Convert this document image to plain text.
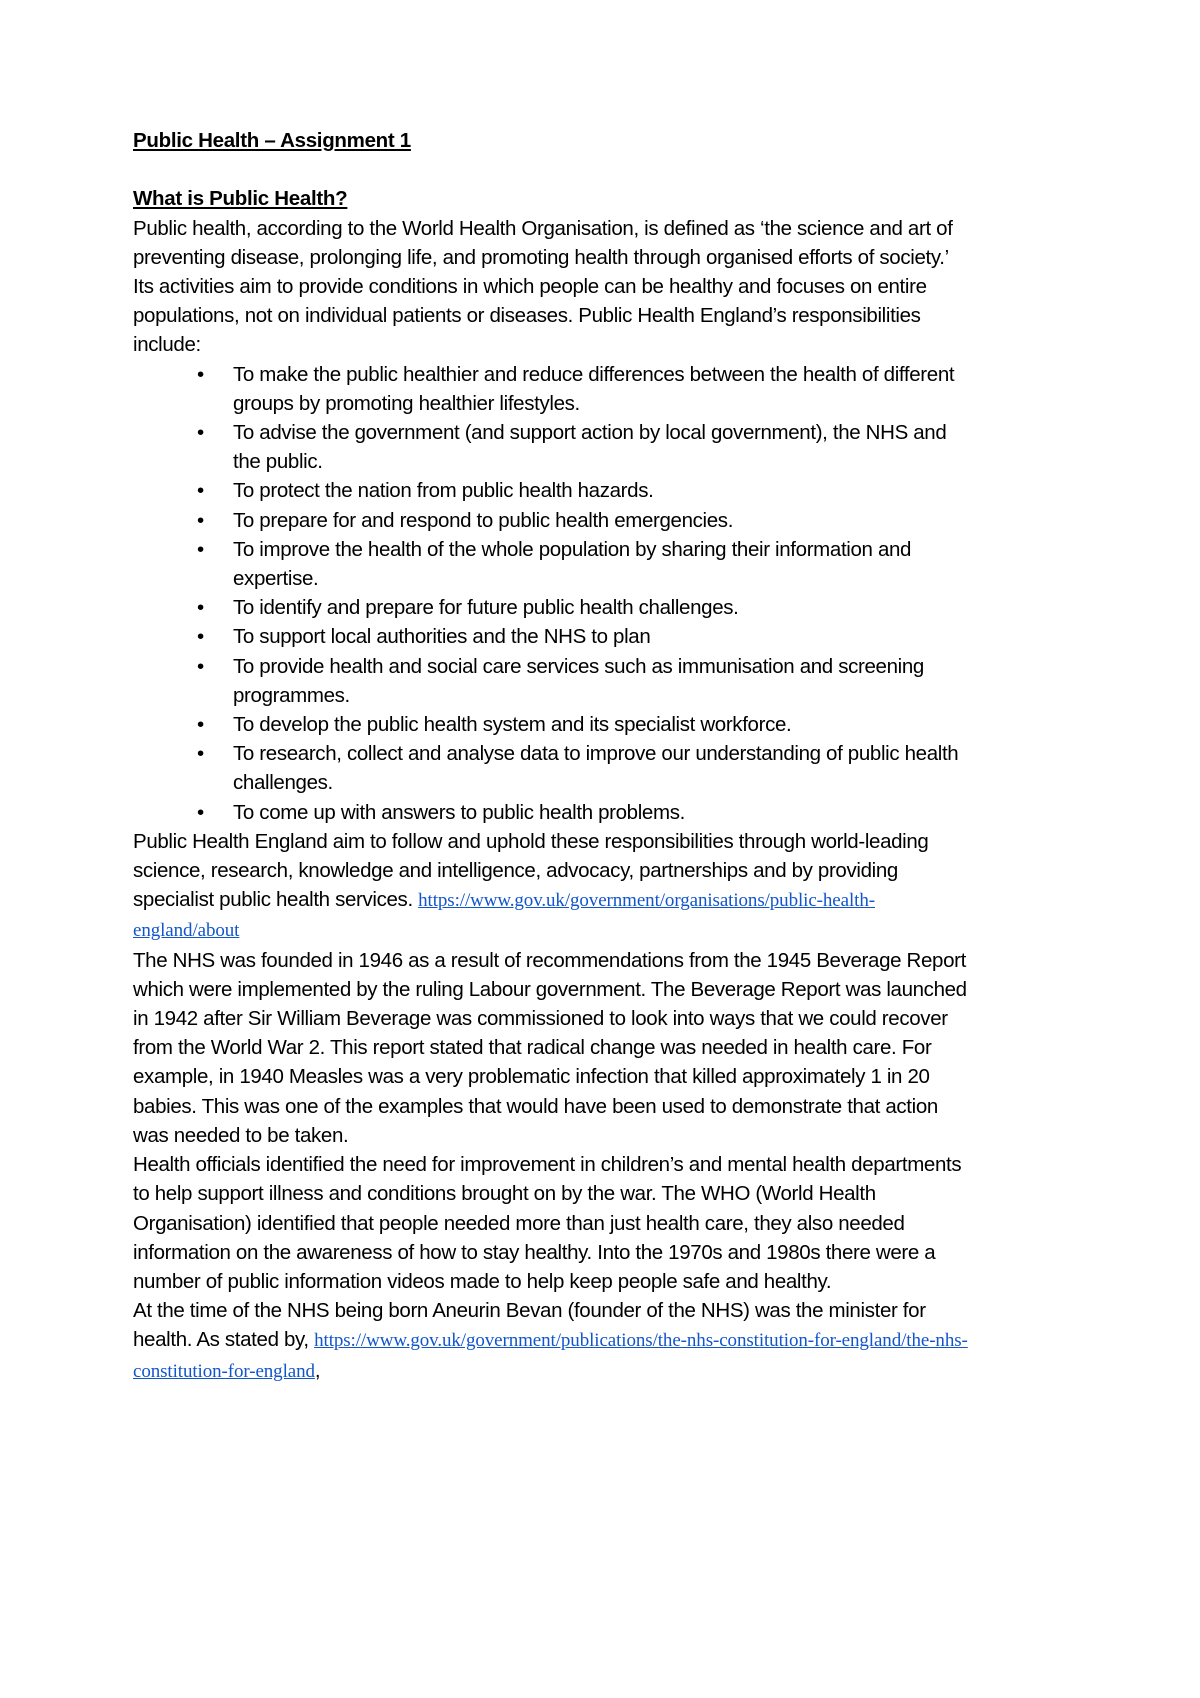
Public Health – Assignment 1
What is Public Health?

Public health, according to the World Health Organisation, is defined as ‘the science and art of preventing disease, prolonging life, and promoting health through organised efforts of society.’ Its activities aim to provide conditions in which people can be healthy and focuses on entire populations, not on individual patients or diseases. Public Health England’s responsibilities include:

• To make the public healthier and reduce differences between the health of different groups by promoting healthier lifestyles.
• To advise the government (and support action by local government), the NHS and the public.
• To protect the nation from public health hazards.
• To prepare for and respond to public health emergencies.
• To improve the health of the whole population by sharing their information and expertise.
• To identify and prepare for future public health challenges.
• To support local authorities and the NHS to plan
• To provide health and social care services such as immunisation and screening programmes.
• To develop the public health system and its specialist workforce.
• To research, collect and analyse data to improve our understanding of public health challenges.
• To come up with answers to public health problems.

Public Health England aim to follow and uphold these responsibilities through world-leading science, research, knowledge and intelligence, advocacy, partnerships and by providing specialist public health services. https://www.gov.uk/government/organisations/public-health-england/about

The NHS was founded in 1946 as a result of recommendations from the 1945 Beverage Report which were implemented by the ruling Labour government. The Beverage Report was launched in 1942 after Sir William Beverage was commissioned to look into ways that we could recover from the World War 2. This report stated that radical change was needed in health care. For example, in 1940 Measles was a very problematic infection that killed approximately 1 in 20 babies. This was one of the examples that would have been used to demonstrate that action was needed to be taken.

Health officials identified the need for improvement in children’s and mental health departments to help support illness and conditions brought on by the war. The WHO (World Health Organisation) identified that people needed more than just health care, they also needed information on the awareness of how to stay healthy. Into the 1970s and 1980s there were a number of public information videos made to help keep people safe and healthy.

At the time of the NHS being born Aneurin Bevan (founder of the NHS) was the minister for health. As stated by, https://www.gov.uk/government/publications/the-nhs-constitution-for-england/the-nhs-constitution-for-england,
